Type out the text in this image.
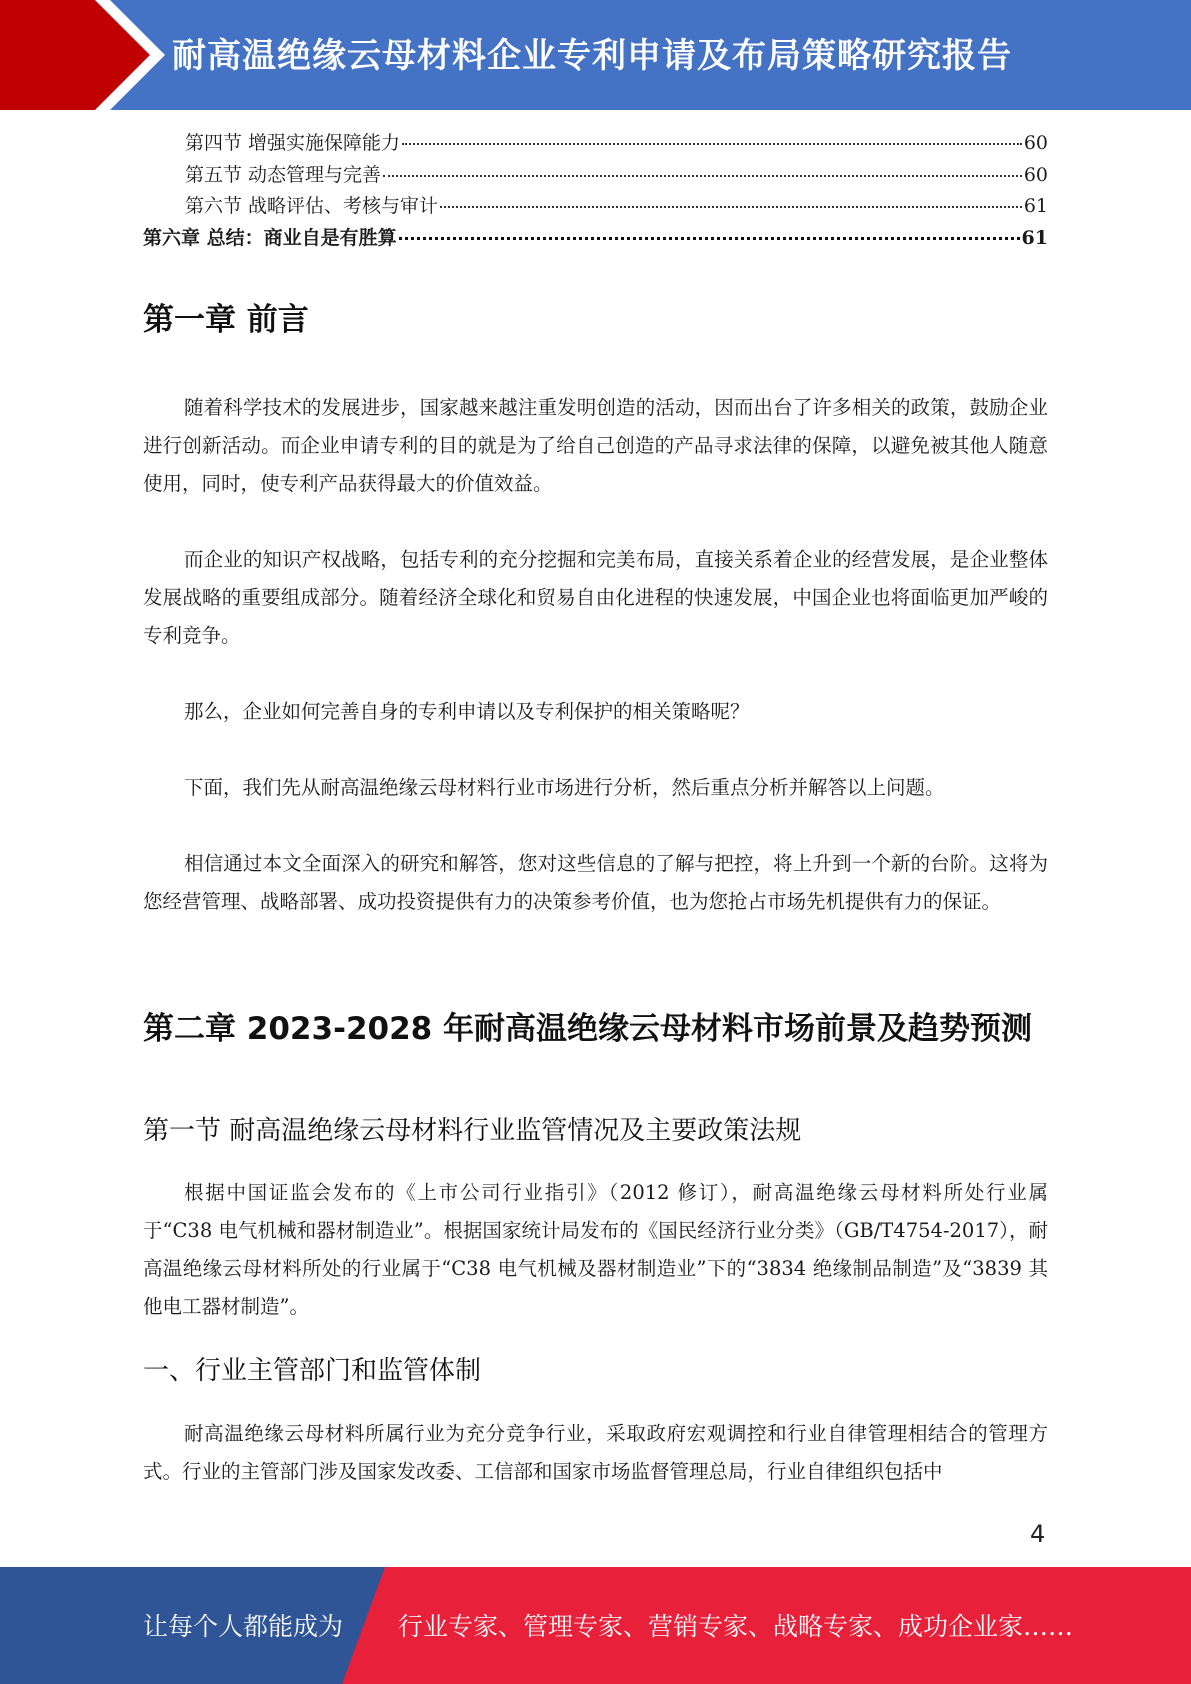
耐高温绝缘云母材料企业专利申请及布局策略研究报告
第四节 增强实施保障能力	60
第五节 动态管理与完善	60
第六节 战略评估、考核与审计	61
第六章 总结：商业自是有胜算	61
第一章 前言

随着科学技术的发展进步，国家越来越注重发明创造的活动，因而出台了许多相关的政策，鼓励企业进行创新活动。而企业申请专利的目的就是为了给自己创造的产品寻求法律的保障，以避免被其他人随意使用，同时，使专利产品获得最大的价值效益。

而企业的知识产权战略，包括专利的充分挖掘和完美布局，直接关系着企业的经营发展，是企业整体发展战略的重要组成部分。随着经济全球化和贸易自由化进程的快速发展，中国企业也将面临更加严峻的专利竞争。

那么，企业如何完善自身的专利申请以及专利保护的相关策略呢？

下面，我们先从耐高温绝缘云母材料行业市场进行分析，然后重点分析并解答以上问题。

相信通过本文全面深入的研究和解答，您对这些信息的了解与把控，将上升到一个新的台阶。这将为您经营管理、战略部署、成功投资提供有力的决策参考价值，也为您抢占市场先机提供有力的保证。

第二章 2023-2028 年耐高温绝缘云母材料市场前景及趋势预测
第一节 耐高温绝缘云母材料行业监管情况及主要政策法规

根据中国证监会发布的《上市公司行业指引》（2012 修订），耐高温绝缘云母材料所处行业属于“C38 电气机械和器材制造业”。根据国家统计局发布的《国民经济行业分类》（GB/T4754-2017），耐高温绝缘云母材料所处的行业属于“C38 电气机械及器材制造业”下的“3834 绝缘制品制造”及“3839 其他电工器材制造”。

一、行业主管部门和监管体制

耐高温绝缘云母材料所属行业为充分竞争行业，采取政府宏观调控和行业自律管理相结合的管理方式。行业的主管部门涉及国家发改委、工信部和国家市场监督管理总局，行业自律组织包括中

4
让每个人都能成为 行业专家、管理专家、营销专家、战略专家、成功企业家……
